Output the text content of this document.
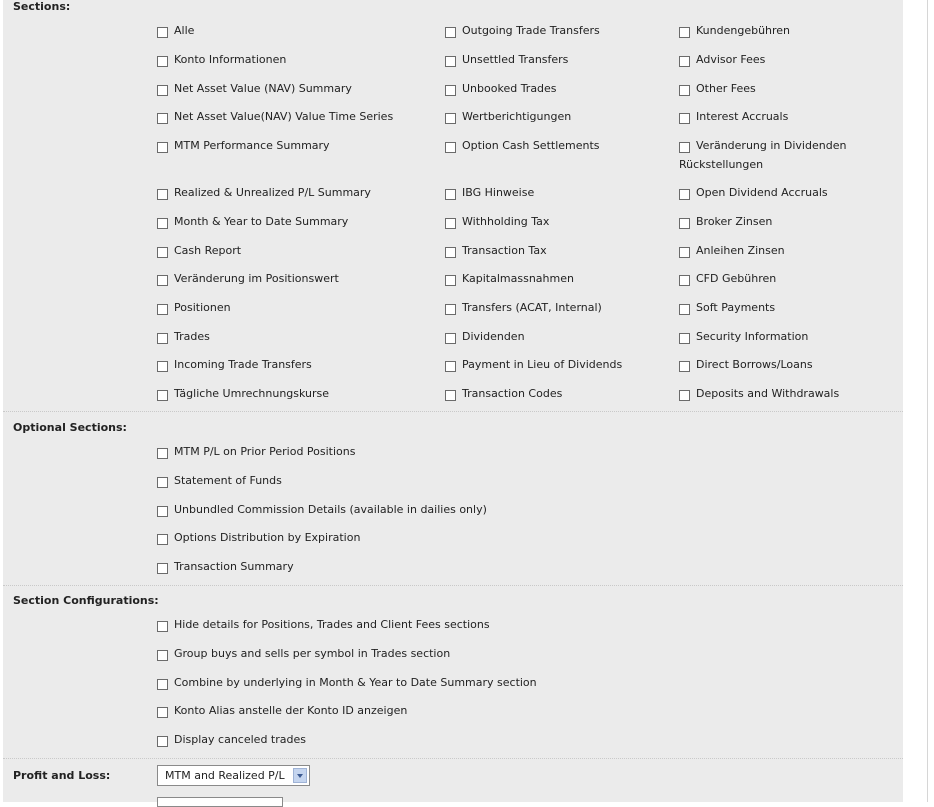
Sections:
Alle	Outgoing Trade Transfers	Kundengebühren
Konto Informationen	Unsettled Transfers	Advisor Fees
Net Asset Value (NAV) Summary	Unbooked Trades	Other Fees
Net Asset Value(NAV) Value Time Series	Wertberichtigungen	Interest Accruals
MTM Performance Summary	Option Cash Settlements	Veränderung in Dividenden Rückstellungen
Realized & Unrealized P/L Summary	IBG Hinweise	Open Dividend Accruals
Month & Year to Date Summary	Withholding Tax	Broker Zinsen
Cash Report	Transaction Tax	Anleihen Zinsen
Veränderung im Positionswert	Kapitalmassnahmen	CFD Gebühren
Positionen	Transfers (ACAT, Internal)	Soft Payments
Trades	Dividenden	Security Information
Incoming Trade Transfers	Payment in Lieu of Dividends	Direct Borrows/Loans
Tägliche Umrechnungskurse	Transaction Codes	Deposits and Withdrawals
Optional Sections:
MTM P/L on Prior Period Positions
Statement of Funds
Unbundled Commission Details (available in dailies only)
Options Distribution by Expiration
Transaction Summary
Section Configurations:
Hide details for Positions, Trades and Client Fees sections
Group buys and sells per symbol in Trades section
Combine by underlying in Month & Year to Date Summary section
Konto Alias anstelle der Konto ID anzeigen
Display canceled trades
Profit and Loss:	MTM and Realized P/L
